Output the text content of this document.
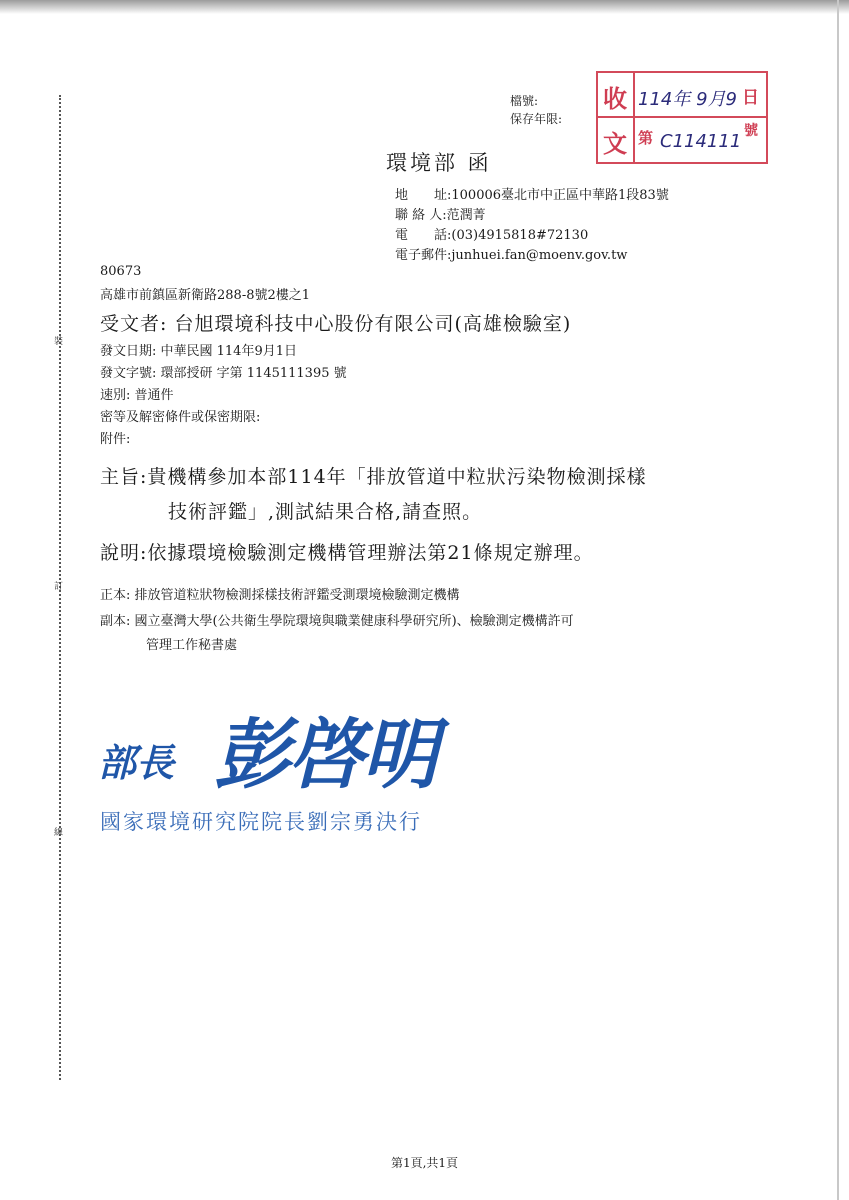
裝
訂
線
檔號:
保存年限:
收
文
114年 9月9 日
第 C114111 號
環境部 函
地　　址:100006臺北市中正區中華路1段83號
聯 絡 人:范潤菁
電　　話:(03)4915818#72130
電子郵件:junhuei.fan@moenv.gov.tw
80673
高雄市前鎮區新衛路288-8號2樓之1
受文者: 台旭環境科技中心股份有限公司(高雄檢驗室)
發文日期: 中華民國 114年9月1日
發文字號: 環部授研 字第 1145111395 號
速別: 普通件
密等及解密條件或保密期限:
附件:
主旨:貴機構參加本部114年「排放管道中粒狀污染物檢測採樣
技術評鑑」,測試結果合格,請查照。
說明:依據環境檢驗測定機構管理辦法第21條規定辦理。
正本: 排放管道粒狀物檢測採樣技術評鑑受測環境檢驗測定機構
副本: 國立臺灣大學(公共衛生學院環境與職業健康科學研究所)、檢驗測定機構許可
管理工作秘書處
部長 彭啓明
國家環境研究院院長劉宗勇決行
第1頁,共1頁
